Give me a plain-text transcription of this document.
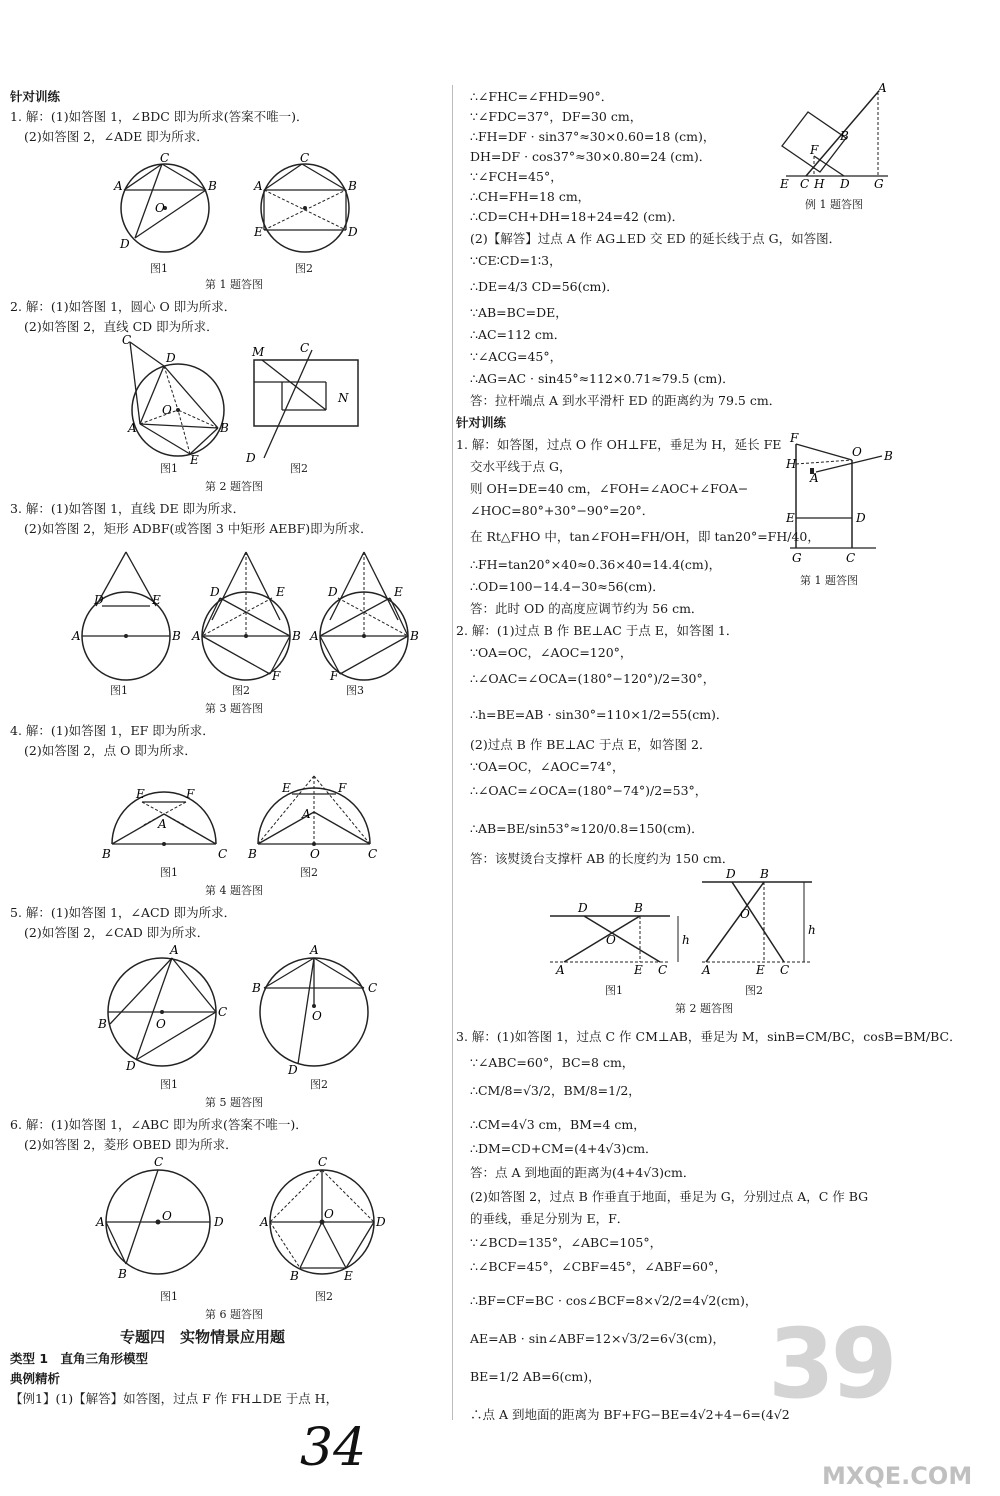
针对训练
1. 解：(1)如答图 1，∠BDC 即为所求(答案不唯一)．
(2)如答图 2，∠ADE 即为所求．
C
A	B
O
D
C
A	B
E	D
图1	图2
第 1 题答图
2. 解：(1)如答图 1，圆心 O 即为所求．
(2)如答图 2，直线 CD 即为所求．
C
D
A	B
O
E
M	C
N
D
图1	图2
第 2 题答图
3. 解：(1)如答图 1，直线 DE 即为所求．
(2)如答图 2，矩形 ADBF(或答图 3 中矩形 AEBF)即为所求．
D	E
A	B
D	E
A	B
F
D	E
A	B
F
图1	图2	图3
第 3 题答图
4. 解：(1)如答图 1，EF 即为所求．
(2)如答图 2，点 O 即为所求．
E	F
A
B	C
E	F
A
B	O	C
图1	图2
第 4 题答图
5. 解：(1)如答图 1，∠ACD 即为所求．
(2)如答图 2，∠CAD 即为所求．
A
B
C
O
D
A
B	C
O
D
图1	图2
第 5 题答图
6. 解：(1)如答图 1，∠ABC 即为所求(答案不唯一)．
(2)如答图 2，菱形 OBED 即为所求．
C
A	D
O
B
C
A	D
O
B	E
图1	图2
第 6 题答图
专题四　实物情景应用题
类型 1　直角三角形模型
典例精析
【例1】(1)【解答】如答图，过点 F 作 FH⊥DE 于点 H，
∴∠FHC=∠FHD=90°．
∵∠FDC=37°，DF=30 cm，
∴FH=DF · sin37°≈30×0.60=18 (cm)，
DH=DF · cos37°≈30×0.80=24 (cm)．
∵∠FCH=45°，
∴CH=FH=18 cm，
∴CD=CH+DH=18+24=42 (cm)．
(2)【解答】过点 A 作 AG⊥ED 交 ED 的延长线于点 G，如答图．
∵CE∶CD=1∶3，
∴DE=4/3 CD=56(cm)．
∵AB=BC=DE，
∴AC=112 cm．
∵∠ACG=45°，
∴AG=AC · sin45°≈112×0.71≈79.5 (cm)．
答：拉杆端点 A 到水平滑杆 ED 的距离约为 79.5 cm．
A
B
F
E C H D G
例 1 题答图
针对训练
1. 解：如答图，过点 O 作 OH⊥FE，垂足为 H，延长 FE
交水平线于点 G，
则 OH=DE=40 cm，∠FOH=∠AOC+∠FOA−
∠HOC=80°+30°−90°=20°．
在 Rt△FHO 中，tan∠FOH=FH/OH，即 tan20°=FH/40，
∴FH=tan20°×40≈0.36×40=14.4(cm)，
∴OD=100−14.4−30≈56(cm)．
答：此时 OD 的高度应调节约为 56 cm．
F
H
O B
A
E	D
G	C
第 1 题答图
2. 解：(1)过点 B 作 BE⊥AC 于点 E，如答图 1．
∵OA=OC，∠AOC=120°，
∴∠OAC=∠OCA=(180°−120°)/2=30°，
∴h=BE=AB · sin30°=110×1/2=55(cm)．
(2)过点 B 作 BE⊥AC 于点 E，如答图 2．
∵OA=OC，∠AOC=74°，
∴∠OAC=∠OCA=(180°−74°)/2=53°，
∴AB=BE/sin53°≈120/0.8=150(cm)．
答：该熨烫台支撑杆 AB 的长度约为 150 cm．
D	B
O	h
A	E C
D B
O
h
A	E C
图1	图2
第 2 题答图
3. 解：(1)如答图 1，过点 C 作 CM⊥AB，垂足为 M，sinB=CM/BC，cosB=BM/BC．
∵∠ABC=60°，BC=8 cm，
∴CM/8=√3/2，BM/8=1/2，
∴CM=4√3 cm，BM=4 cm，
∴DM=CD+CM=(4+4√3)cm．
答：点 A 到地面的距离为(4+4√3)cm．
(2)如答图 2，过点 B 作垂直于地面，垂足为 G，分别过点 A，C 作 BG
的垂线，垂足分别为 E，F．
∵∠BCD=135°，∠ABC=105°，
∴∠BCF=45°，∠CBF=45°，∠ABF=60°，
∴BF=CF=BC · cos∠BCF=8×√2/2=4√2(cm)，
AE=AB · sin∠ABF=12×√3/2=6√3(cm)，
BE=1/2 AB=6(cm)，
∴点 A 到地面的距离为 BF+FG−BE=4√2+4−6=(4√2
39
34	MXQE.COM
